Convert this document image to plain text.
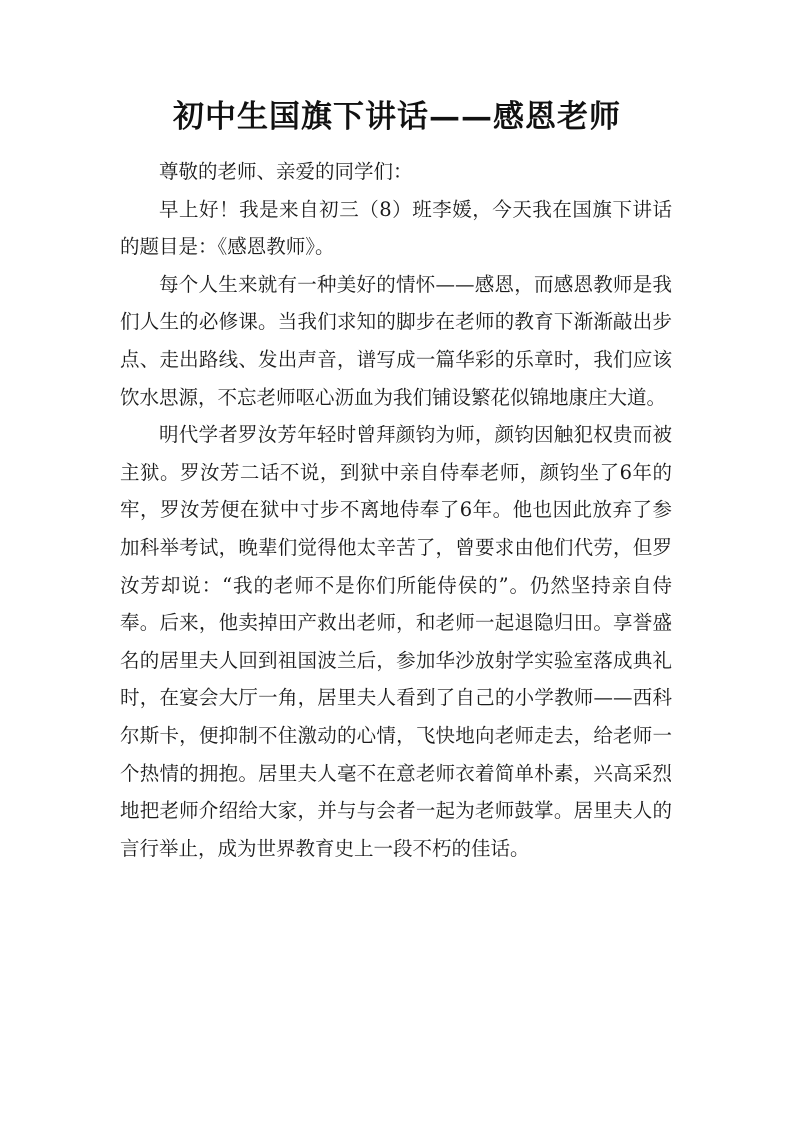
初中生国旗下讲话——感恩老师

尊敬的老师、亲爱的同学们：

早上好！我是来自初三（8）班李媛，今天我在国旗下讲话的题目是：《感恩教师》。

每个人生来就有一种美好的情怀——感恩，而感恩教师是我们人生的必修课。当我们求知的脚步在老师的教育下渐渐敲出步点、走出路线、发出声音，谱写成一篇华彩的乐章时，我们应该饮水思源，不忘老师呕心沥血为我们铺设繁花似锦地康庄大道。

明代学者罗汝芳年轻时曾拜颜钧为师，颜钧因触犯权贵而被主狱。罗汝芳二话不说，到狱中亲自侍奉老师，颜钧坐了6年的牢，罗汝芳便在狱中寸步不离地侍奉了6年。他也因此放弃了参加科举考试，晚辈们觉得他太辛苦了，曾要求由他们代劳，但罗汝芳却说：“我的老师不是你们所能侍侯的”。仍然坚持亲自侍奉。后来，他卖掉田产救出老师，和老师一起退隐归田。享誉盛名的居里夫人回到祖国波兰后，参加华沙放射学实验室落成典礼时，在宴会大厅一角，居里夫人看到了自己的小学教师——西科尔斯卡，便抑制不住激动的心情，飞快地向老师走去，给老师一个热情的拥抱。居里夫人毫不在意老师衣着简单朴素，兴高采烈地把老师介绍给大家，并与与会者一起为老师鼓掌。居里夫人的言行举止，成为世界教育史上一段不朽的佳话。
